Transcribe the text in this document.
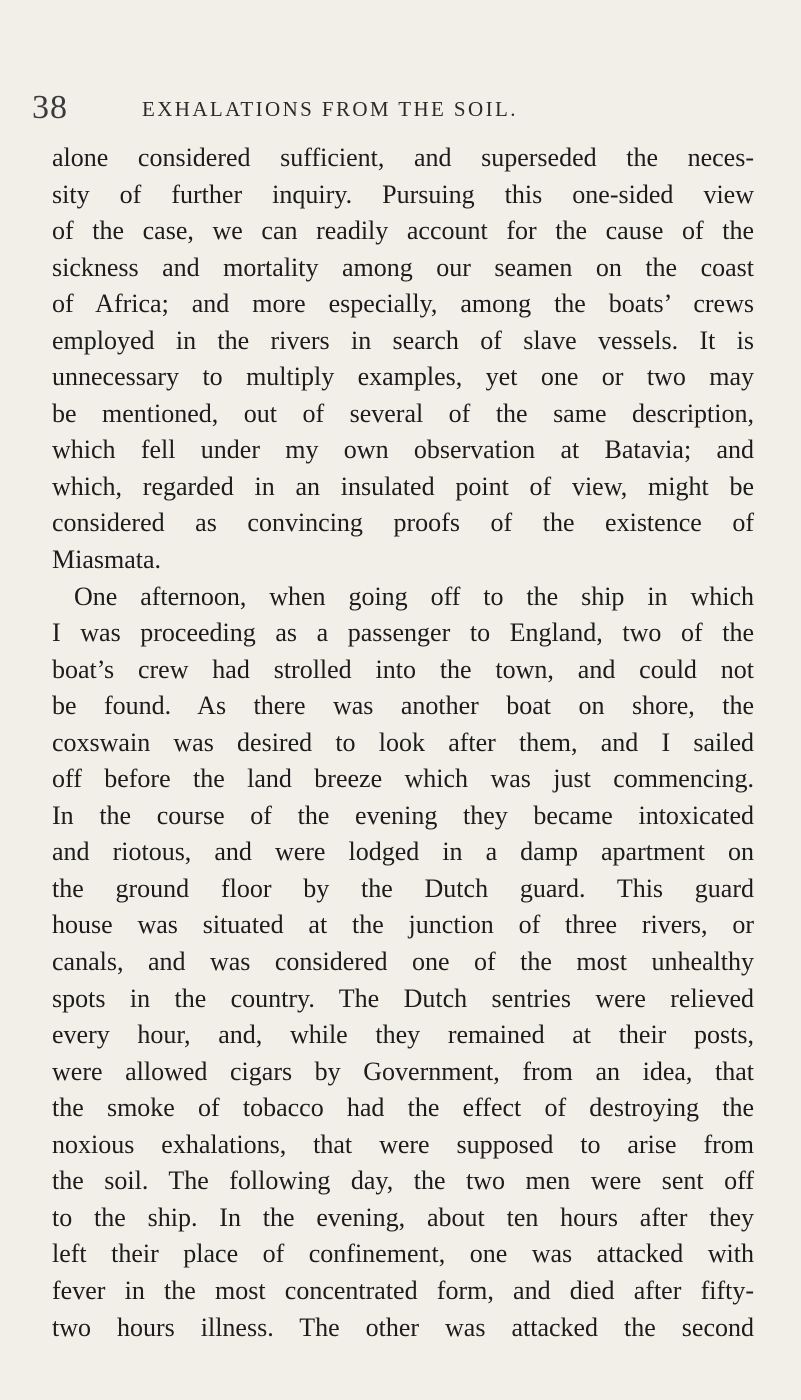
38	EXHALATIONS FROM THE SOIL.
alone considered sufficient, and superseded the neces-
sity of further inquiry. Pursuing this one-sided view
of the case, we can readily account for the cause of the
sickness and mortality among our seamen on the coast
of Africa; and more especially, among the boats’ crews
employed in the rivers in search of slave vessels. It is
unnecessary to multiply examples, yet one or two may
be mentioned, out of several of the same description,
which fell under my own observation at Batavia; and
which, regarded in an insulated point of view, might be
considered as convincing proofs of the existence of
Miasmata.
One afternoon, when going off to the ship in which
I was proceeding as a passenger to England, two of the
boat’s crew had strolled into the town, and could not
be found. As there was another boat on shore, the
coxswain was desired to look after them, and I sailed
off before the land breeze which was just commencing.
In the course of the evening they became intoxicated
and riotous, and were lodged in a damp apartment on
the ground floor by the Dutch guard. This guard
house was situated at the junction of three rivers, or
canals, and was considered one of the most unhealthy
spots in the country. The Dutch sentries were relieved
every hour, and, while they remained at their posts,
were allowed cigars by Government, from an idea, that
the smoke of tobacco had the effect of destroying the
noxious exhalations, that were supposed to arise from
the soil. The following day, the two men were sent off
to the ship. In the evening, about ten hours after they
left their place of confinement, one was attacked with
fever in the most concentrated form, and died after fifty-
two hours illness. The other was attacked the second
